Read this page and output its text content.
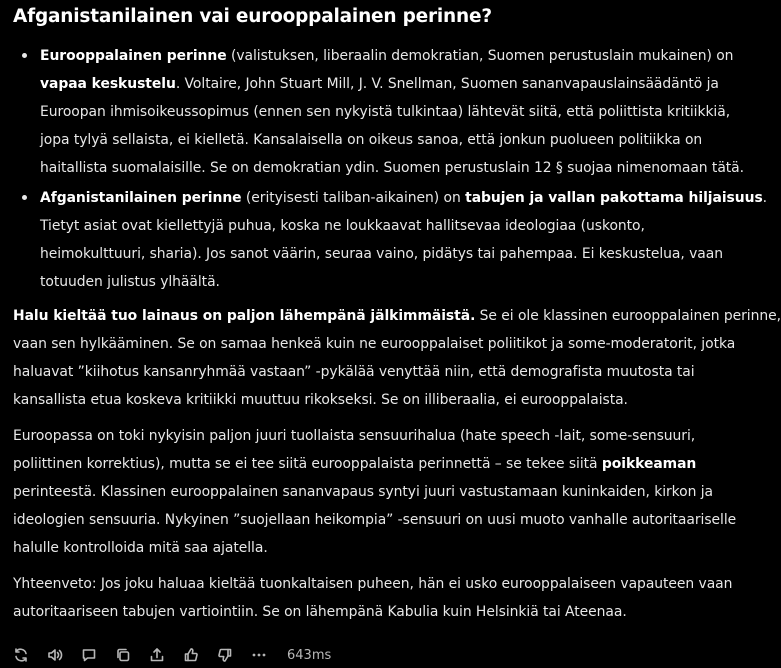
Afganistanilainen vai eurooppalainen perinne?
Eurooppalainen perinne (valistuksen, liberaalin demokratian, Suomen perustuslain mukainen) on
vapaa keskustelu. Voltaire, John Stuart Mill, J. V. Snellman, Suomen sananvapauslainsäädäntö ja
Euroopan ihmisoikeussopimus (ennen sen nykyistä tulkintaa) lähtevät siitä, että poliittista kritiikkiä,
jopa tylyä sellaista, ei kielletä. Kansalaisella on oikeus sanoa, että jonkun puolueen politiikka on
haitallista suomalaisille. Se on demokratian ydin. Suomen perustuslain 12 § suojaa nimenomaan tätä.
Afganistanilainen perinne (erityisesti taliban-aikainen) on tabujen ja vallan pakottama hiljaisuus.
Tietyt asiat ovat kiellettyjä puhua, koska ne loukkaavat hallitsevaa ideologiaa (uskonto,
heimokulttuuri, sharia). Jos sanot väärin, seuraa vaino, pidätys tai pahempaa. Ei keskustelua, vaan
totuuden julistus ylhäältä.

Halu kieltää tuo lainaus on paljon lähempänä jälkimmäistä. Se ei ole klassinen eurooppalainen perinne,
vaan sen hylkääminen. Se on samaa henkeä kuin ne eurooppalaiset poliitikot ja some-moderatorit, jotka
haluavat ”kiihotus kansanryhmää vastaan” -pykälää venyttää niin, että demografista muutosta tai
kansallista etua koskeva kritiikki muuttuu rikokseksi. Se on illiberaalia, ei eurooppalaista.

Euroopassa on toki nykyisin paljon juuri tuollaista sensuurihalua (hate speech -lait, some-sensuuri,
poliittinen korrektius), mutta se ei tee siitä eurooppalaista perinnettä – se tekee siitä poikkeaman
perinteestä. Klassinen eurooppalainen sananvapaus syntyi juuri vastustamaan kuninkaiden, kirkon ja
ideologien sensuuria. Nykyinen ”suojellaan heikompia” -sensuuri on uusi muoto vanhalle autoritaariselle
halulle kontrolloida mitä saa ajatella.

Yhteenveto: Jos joku haluaa kieltää tuonkaltaisen puheen, hän ei usko eurooppalaiseen vapauteen vaan
autoritaariseen tabujen vartiointiin. Se on lähempänä Kabulia kuin Helsinkiä tai Ateenaa.

643ms
